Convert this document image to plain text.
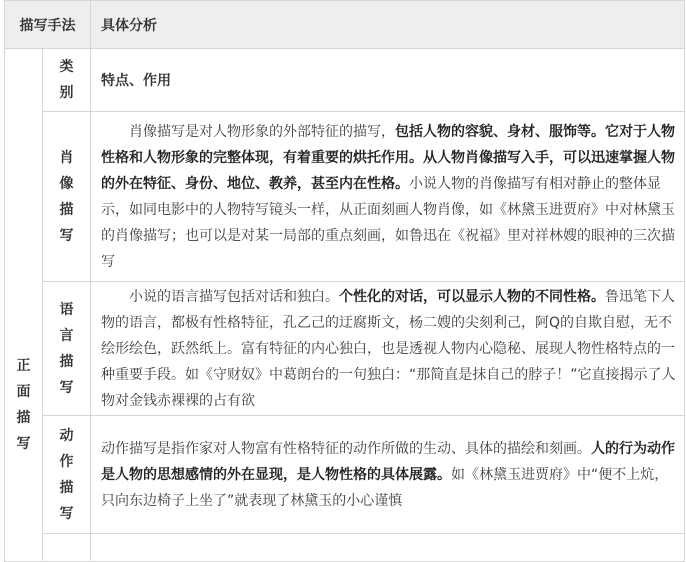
描写手法		具体分析

正面描写	类别	特点、作用

	肖像描写	肖像描写是对人物形象的外部特征的描写，包括人物的容貌、身材、服饰等。它对于人物性格和人物形象的完整体现，有着重要的烘托作用。从人物肖像描写入手，可以迅速掌握人物的外在特征、身份、地位、教养，甚至内在性格。小说人物的肖像描写有相对静止的整体显示，如同电影中的人物特写镜头一样，从正面刻画人物肖像，如《林黛玉进贾府》中对林黛玉的肖像描写；也可以是对某一局部的重点刻画，如鲁迅在《祝福》里对祥林嫂的眼神的三次描写

	语言描写	小说的语言描写包括对话和独白。个性化的对话，可以显示人物的不同性格。鲁迅笔下人物的语言，都极有性格特征，孔乙己的迂腐斯文，杨二嫂的尖刻利己，阿Q的自欺自慰，无不绘形绘色，跃然纸上。富有特征的内心独白，也是透视人物内心隐秘、展现人物性格特点的一种重要手段。如《守财奴》中葛朗台的一句独白：“那简直是抹自己的脖子！”它直接揭示了人物对金钱赤裸裸的占有欲

	动作描写	动作描写是指作家对人物富有性格特征的动作所做的生动、具体的描绘和刻画。人的行为动作是人物的思想感情的外在显现，是人物性格的具体展露。如《林黛玉进贾府》中“便不上炕，只向东边椅子上坐了”就表现了林黛玉的小心谨慎
